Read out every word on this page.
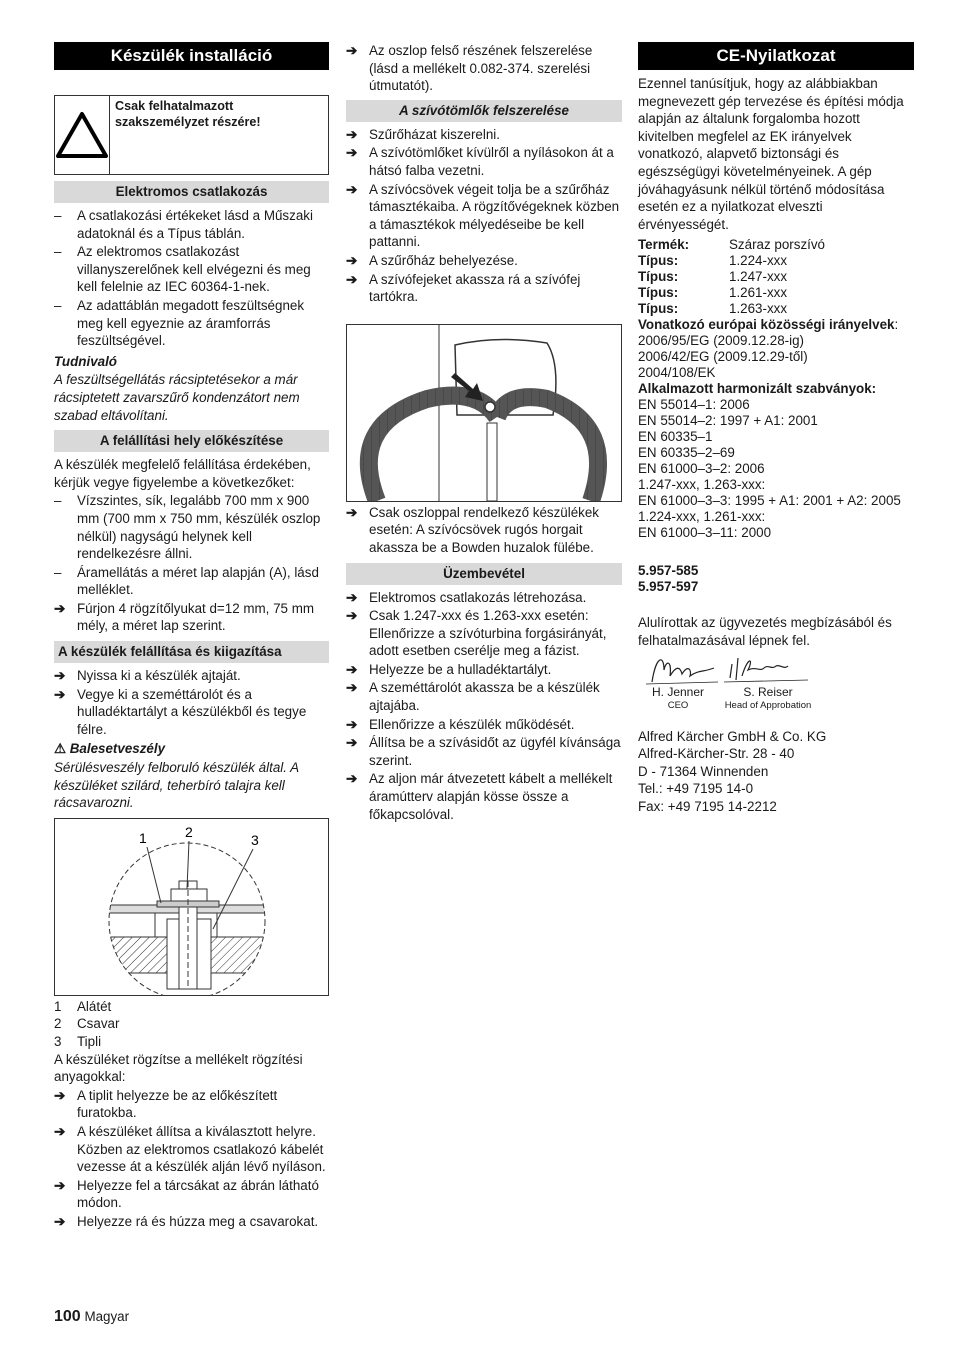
Készülék installáció
Csak felhatalmazott szakszemélyzet részére!
Elektromos csatlakozás
–	A csatlakozási értékeket lásd a Műszaki adatoknál és a Típus táblán.
–	Az elektromos csatlakozást villanyszerelőnek kell elvégezni és meg kell felelnie az IEC 60364-1-nek.
–	Az adattáblán megadott feszültségnek meg kell egyeznie az áramforrás feszültségével.

Tudnivaló

A feszültségellátás rácsiptetésekor a már rácsiptetett zavarszűrő kondenzátort nem szabad eltávolítani.

A felállítási hely előkészítése

A készülék megfelelő felállítása érdekében, kérjük vegye figyelembe a következőket:

–	Vízszintes, sík, legalább 700 mm x 900 mm (700 mm x 750 mm, készülék oszlop nélkül) nagyságú helynek kell rendelkezésre állni.
–	Áramellátás a méret lap alapján (A), lásd melléklet.
➔ Fúrjon 4 rögzítőlyukat d=12 mm, 75 mm mély, a méret lap szerint.
A készülék felállítása és kiigazítása
➔ Nyissa ki a készülék ajtaját.
➔ Vegye ki a szeméttárolót és a hulladéktartályt a készülékből és tegye félre.

⚠ Balesetveszély

Sérülésveszély felboruló készülék által. A készüléket szilárd, teherbíró talajra kell rácsavarozni.

1	2	3
1	Alátét
2	Csavar
3	Tipli

A készüléket rögzítse a mellékelt rögzítési anyagokkal:

➔ A tiplit helyezze be az előkészített furatokba.
➔ A készüléket állítsa a kiválasztott helyre. Közben az elektromos csatlakozó kábelét vezesse át a készülék alján lévő nyíláson.
➔ Helyezze fel a tárcsákat az ábrán látható módon.
➔ Helyezze rá és húzza meg a csavarokat.
➔ Az oszlop felső részének felszerelése (lásd a mellékelt 0.082-374. szerelési útmutatót).
A szívótömlők felszerelése
➔ Szűrőházat kiszerelni.
➔ A szívótömlőket kívülről a nyílásokon át a hátsó falba vezetni.
➔ A szívócsövek végeit tolja be a szűrőház támasztékaiba. A rögzítővégeknek közben a támasztékok mélyedéseibe be kell pattanni.
➔ A szűrőház behelyezése.
➔ A szívófejeket akassza rá a szívófej tartókra.
➔ Csak oszloppal rendelkező készülékek esetén: A szívócsövek rugós horgait akassza be a Bowden huzalok fülébe.
Üzembevétel
➔ Elektromos csatlakozás létrehozása.
➔ Csak 1.247-xxx és 1.263-xxx esetén: Ellenőrizze a szívóturbina forgásirányát, adott esetben cserélje meg a fázist.
➔ Helyezze be a hulladéktartályt.
➔ A szeméttárolót akassza be a készülék ajtajába.
➔ Ellenőrizze a készülék működését.
➔ Állítsa be a szívásidőt az ügyfél kívánsága szerint.
➔ Az aljon már átvezetett kábelt a mellékelt áramútterv alapján kösse össze a főkapcsolóval.
CE-Nyilatkozat

Ezennel tanúsítjuk, hogy az alábbiakban megnevezett gép tervezése és építési módja alapján az általunk forgalomba hozott kivitelben megfelel az EK irányelvek vonatkozó, alapvető biztonsági és egészségügyi követelményeinek. A gép jóváhagyásunk nélkül történő módosítása esetén ez a nyilatkozat elveszti érvényességét.

Termék:	Száraz porszívó
Típus:	1.224-xxx
Típus:	1.247-xxx
Típus:	1.261-xxx
Típus:	1.263-xxx
Vonatkozó európai közösségi irányelvek:
2006/95/EG (2009.12.28-ig)
2006/42/EG (2009.12.29-től)
2004/108/EK
Alkalmazott harmonizált szabványok:
EN 55014–1: 2006
EN 55014–2: 1997 + A1: 2001
EN 60335–1
EN 60335–2–69
EN 61000–3–2: 2006
1.247-xxx, 1.263-xxx:
EN 61000–3–3: 1995 + A1: 2001 + A2: 2005
1.224-xxx, 1.261-xxx:
EN 61000–3–11: 2000
5.957-585
5.957-597

Alulírottak az ügyvezetés megbízásából és felhatalmazásával lépnek fel.

H. Jenner
CEO
S. Reiser
Head of Approbation
Alfred Kärcher GmbH & Co. KG
Alfred-Kärcher-Str. 28 - 40
D - 71364 Winnenden
Tel.: +49 7195 14-0
Fax: +49 7195 14-2212
100 Magyar
